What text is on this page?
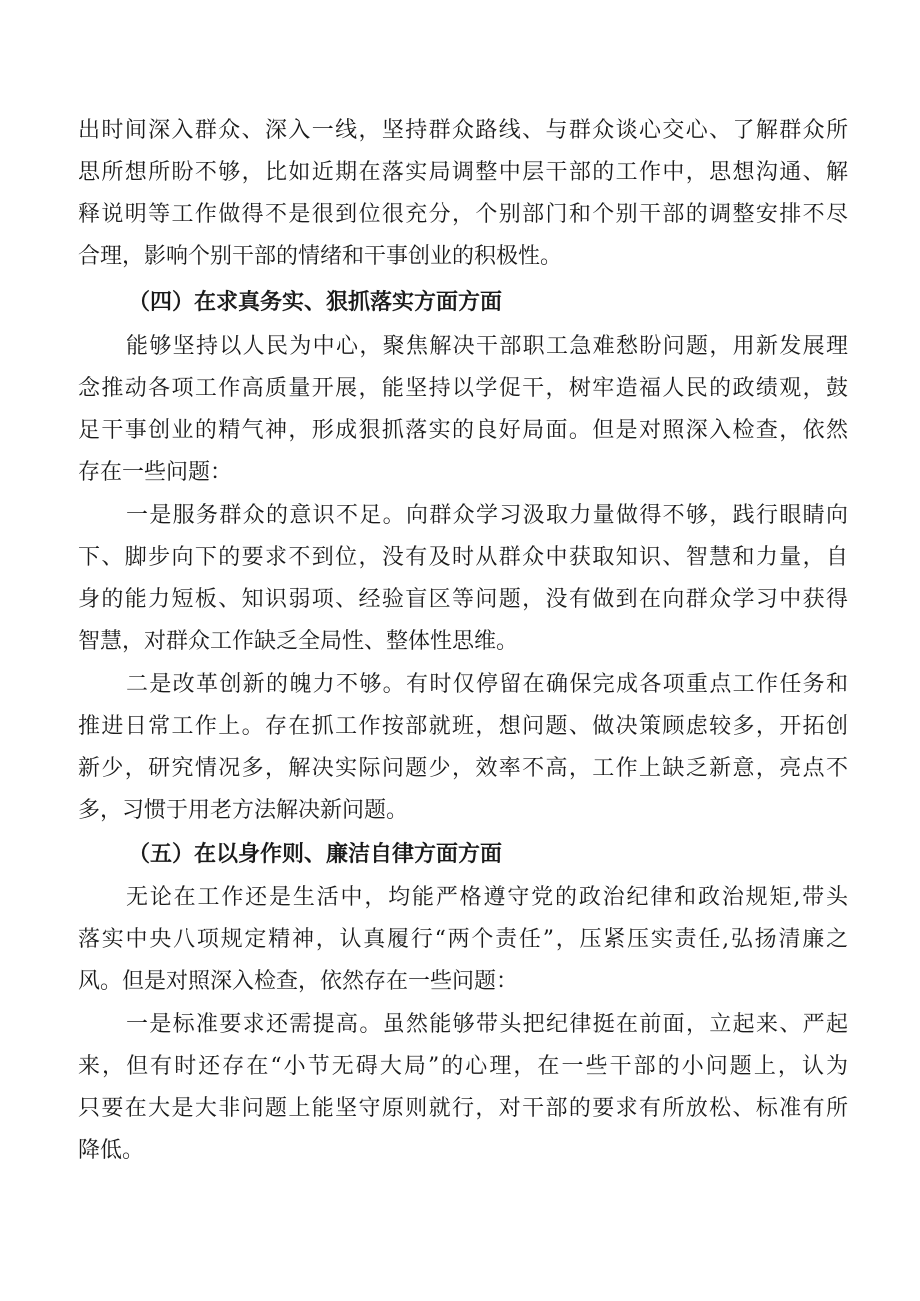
出时间深入群众、深入一线，坚持群众路线、与群众谈心交心、了解群众所
思所想所盼不够，比如近期在落实局调整中层干部的工作中，思想沟通、解
释说明等工作做得不是很到位很充分，个别部门和个别干部的调整安排不尽
合理，影响个别干部的情绪和干事创业的积极性。
（四）在求真务实、狠抓落实方面方面
能够坚持以人民为中心，聚焦解决干部职工急难愁盼问题，用新发展理
念推动各项工作高质量开展，能坚持以学促干，树牢造福人民的政绩观，鼓
足干事创业的精气神，形成狠抓落实的良好局面。但是对照深入检查，依然
存在一些问题：
一是服务群众的意识不足。向群众学习汲取力量做得不够，践行眼睛向
下、脚步向下的要求不到位，没有及时从群众中获取知识、智慧和力量，自
身的能力短板、知识弱项、经验盲区等问题，没有做到在向群众学习中获得
智慧，对群众工作缺乏全局性、整体性思维。
二是改革创新的魄力不够。有时仅停留在确保完成各项重点工作任务和
推进日常工作上。存在抓工作按部就班，想问题、做决策顾虑较多，开拓创
新少，研究情况多，解决实际问题少，效率不高，工作上缺乏新意，亮点不
多，习惯于用老方法解决新问题。
（五）在以身作则、廉洁自律方面方面
无论在工作还是生活中，均能严格遵守党的政治纪律和政治规矩,带头
落实中央八项规定精神，认真履行“两个责任”，压紧压实责任,弘扬清廉之
风。但是对照深入检查，依然存在一些问题：
一是标准要求还需提高。虽然能够带头把纪律挺在前面，立起来、严起
来，但有时还存在“小节无碍大局”的心理，在一些干部的小问题上，认为
只要在大是大非问题上能坚守原则就行，对干部的要求有所放松、标准有所
降低。
